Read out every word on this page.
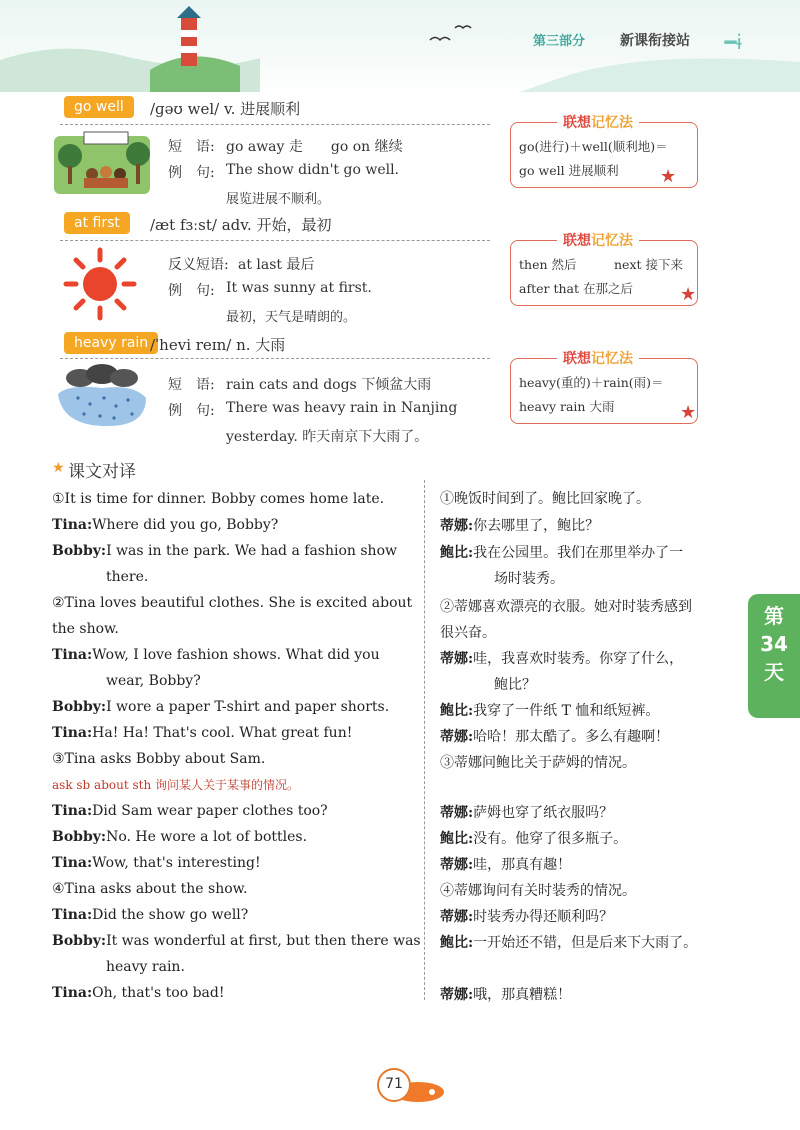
第三部分	新课衔接站 ━ɨ
go well	/ɡəʊ wel/ v. 进展顺利
短　语: go away 走　　go on 继续
例　句: The show didn't go well.
展览进展不顺利。
联想记忆法
go(进行)＋well(顺利地)＝
go well 进展顺利 ★
at first	/æt fɜːst/ adv. 开始，最初
反义短语: at last 最后
例　句: It was sunny at first.
最初，天气是晴朗的。
联想记忆法
then 然后　　　next 接下来
after that 在那之后	★
heavy rain /ˈhevi reɪn/ n. 大雨
短　语: rain cats and dogs 下倾盆大雨
例　句: There was heavy rain in Nanjing
yesterday. 昨天南京下大雨了。
联想记忆法
heavy(重的)＋rain(雨)＝
heavy rain 大雨	★
★ 课文对译
①It is time for dinner. Bobby comes home late.
Tina:Where did you go, Bobby?
Bobby:I was in the park. We had a fashion show
there.
②Tina loves beautiful clothes. She is excited about
the show.
Tina:Wow, I love fashion shows. What did you
wear, Bobby?
Bobby:I wore a paper T-shirt and paper shorts.
Tina:Ha! Ha! That's cool. What great fun!
③Tina asks Bobby about Sam.
ask sb about sth 询问某人关于某事的情况。
Tina:Did Sam wear paper clothes too?
Bobby:No. He wore a lot of bottles.
Tina:Wow, that's interesting!
④Tina asks about the show.
Tina:Did the show go well?
Bobby:It was wonderful at first, but then there was
heavy rain.
Tina:Oh, that's too bad!
①晚饭时间到了。鲍比回家晚了。
蒂娜:你去哪里了，鲍比？
鲍比:我在公园里。我们在那里举办了一
场时装秀。
②蒂娜喜欢漂亮的衣服。她对时装秀感到
很兴奋。
蒂娜:哇，我喜欢时装秀。你穿了什么，
鲍比？
鲍比:我穿了一件纸 T 恤和纸短裤。
蒂娜:哈哈！那太酷了。多么有趣啊！
③蒂娜问鲍比关于萨姆的情况。
蒂娜:萨姆也穿了纸衣服吗？
鲍比:没有。他穿了很多瓶子。
蒂娜:哇，那真有趣！
④蒂娜询问有关时装秀的情况。
蒂娜:时装秀办得还顺利吗？
鲍比:一开始还不错，但是后来下大雨了。
蒂娜:哦，那真糟糕！
第
34
天
71
